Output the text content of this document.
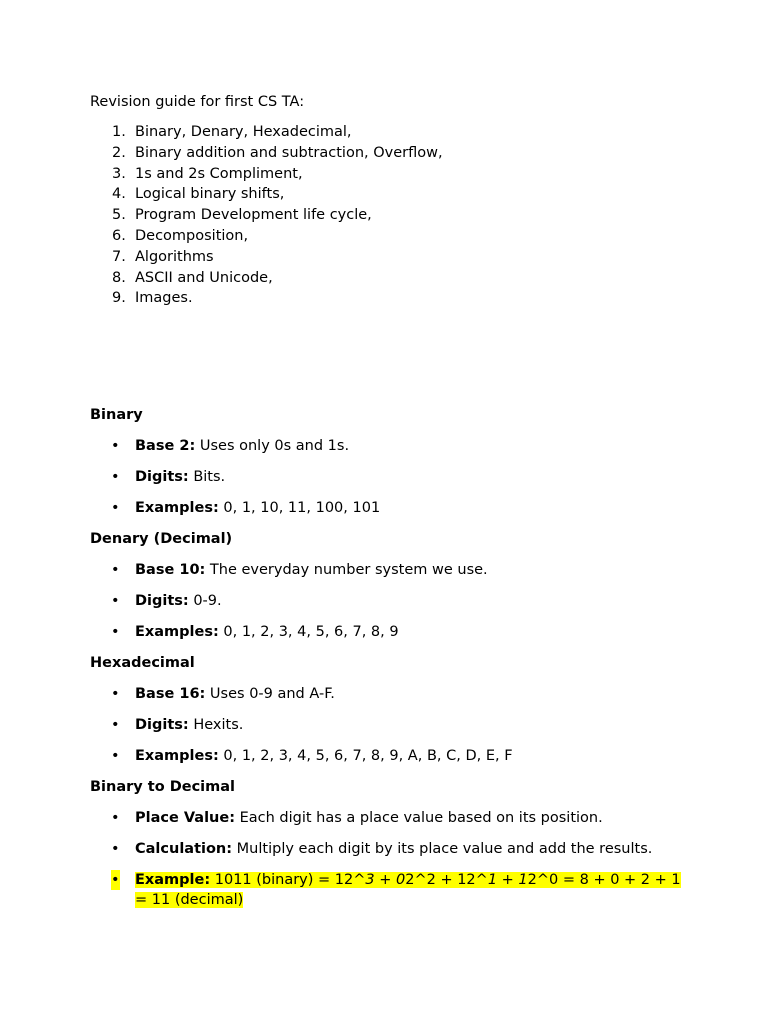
Revision guide for first CS TA:

1. Binary, Denary, Hexadecimal,
2. Binary addition and subtraction, Overflow,
3. 1s and 2s Compliment,
4. Logical binary shifts,
5. Program Development life cycle,
6. Decomposition,
7. Algorithms
8. ASCII and Unicode,
9. Images.

Binary

• Base 2: Uses only 0s and 1s.
• Digits: Bits.
• Examples: 0, 1, 10, 11, 100, 101

Denary (Decimal)

• Base 10: The everyday number system we use.
• Digits: 0-9.
• Examples: 0, 1, 2, 3, 4, 5, 6, 7, 8, 9

Hexadecimal

• Base 16: Uses 0-9 and A-F.
• Digits: Hexits.
• Examples: 0, 1, 2, 3, 4, 5, 6, 7, 8, 9, A, B, C, D, E, F

Binary to Decimal

• Place Value: Each digit has a place value based on its position.
• Calculation: Multiply each digit by its place value and add the results.
• Example: 1011 (binary) = 12^3 + 02^2 + 12^1 + 12^0 = 8 + 0 + 2 + 1 = 11 (decimal)
